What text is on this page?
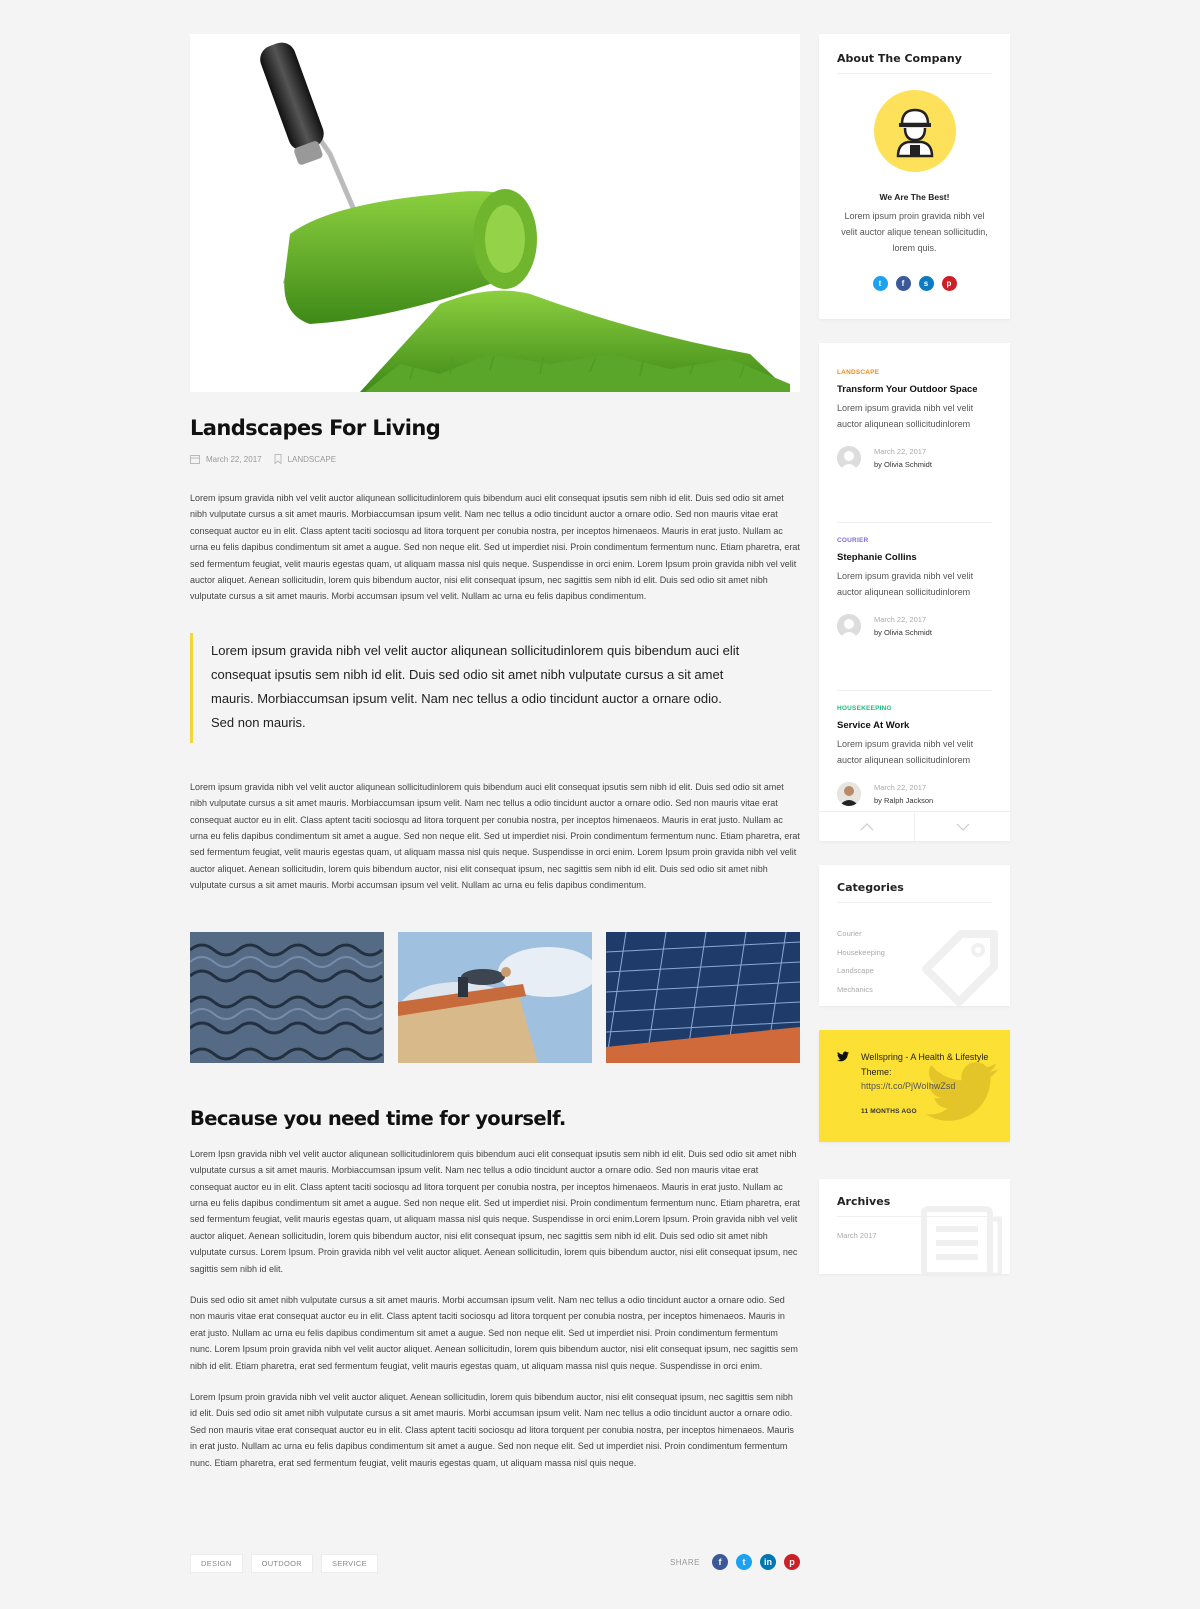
Landscapes For Living
March 22, 2017	LANDSCAPE

Lorem ipsum gravida nibh vel velit auctor aliqunean sollicitudinlorem quis bibendum auci elit consequat ipsutis sem nibh id elit. Duis sed odio sit amet nibh vulputate cursus a sit amet mauris. Morbiaccumsan ipsum velit. Nam nec tellus a odio tincidunt auctor a ornare odio. Sed non mauris vitae erat consequat auctor eu in elit. Class aptent taciti sociosqu ad litora torquent per conubia nostra, per inceptos himenaeos. Mauris in erat justo. Nullam ac urna eu felis dapibus condimentum sit amet a augue. Sed non neque elit. Sed ut imperdiet nisi. Proin condimentum fermentum nunc. Etiam pharetra, erat sed fermentum feugiat, velit mauris egestas quam, ut aliquam massa nisl quis neque. Suspendisse in orci enim. Lorem Ipsum proin gravida nibh vel velit auctor aliquet. Aenean sollicitudin, lorem quis bibendum auctor, nisi elit consequat ipsum, nec sagittis sem nibh id elit. Duis sed odio sit amet nibh vulputate cursus a sit amet mauris. Morbi accumsan ipsum vel velit. Nullam ac urna eu felis dapibus condimentum.

Lorem ipsum gravida nibh vel velit auctor aliqunean sollicitudinlorem quis bibendum auci elit consequat ipsutis sem nibh id elit. Duis sed odio sit amet nibh vulputate cursus a sit amet mauris. Morbiaccumsan ipsum velit. Nam nec tellus a odio tincidunt auctor a ornare odio. Sed non mauris.

Lorem ipsum gravida nibh vel velit auctor aliqunean sollicitudinlorem quis bibendum auci elit consequat ipsutis sem nibh id elit. Duis sed odio sit amet nibh vulputate cursus a sit amet mauris. Morbiaccumsan ipsum velit. Nam nec tellus a odio tincidunt auctor a ornare odio. Sed non mauris vitae erat consequat auctor eu in elit. Class aptent taciti sociosqu ad litora torquent per conubia nostra, per inceptos himenaeos. Mauris in erat justo. Nullam ac urna eu felis dapibus condimentum sit amet a augue. Sed non neque elit. Sed ut imperdiet nisi. Proin condimentum fermentum nunc. Etiam pharetra, erat sed fermentum feugiat, velit mauris egestas quam, ut aliquam massa nisl quis neque. Suspendisse in orci enim. Lorem Ipsum proin gravida nibh vel velit auctor aliquet. Aenean sollicitudin, lorem quis bibendum auctor, nisi elit consequat ipsum, nec sagittis sem nibh id elit. Duis sed odio sit amet nibh vulputate cursus a sit amet mauris. Morbi accumsan ipsum vel velit. Nullam ac urna eu felis dapibus condimentum.

Because you need time for yourself.

Lorem Ipsn gravida nibh vel velit auctor aliqunean sollicitudinlorem quis bibendum auci elit consequat ipsutis sem nibh id elit. Duis sed odio sit amet nibh vulputate cursus a sit amet mauris. Morbiaccumsan ipsum velit. Nam nec tellus a odio tincidunt auctor a ornare odio. Sed non mauris vitae erat consequat auctor eu in elit. Class aptent taciti sociosqu ad litora torquent per conubia nostra, per inceptos himenaeos. Mauris in erat justo. Nullam ac urna eu felis dapibus condimentum sit amet a augue. Sed non neque elit. Sed ut imperdiet nisi. Proin condimentum fermentum nunc. Etiam pharetra, erat sed fermentum feugiat, velit mauris egestas quam, ut aliquam massa nisl quis neque. Suspendisse in orci enim.Lorem Ipsum. Proin gravida nibh vel velit auctor aliquet. Aenean sollicitudin, lorem quis bibendum auctor, nisi elit consequat ipsum, nec sagittis sem nibh id elit. Duis sed odio sit amet nibh vulputate cursus. Lorem Ipsum. Proin gravida nibh vel velit auctor aliquet. Aenean sollicitudin, lorem quis bibendum auctor, nisi elit consequat ipsum, nec sagittis sem nibh id elit.

Duis sed odio sit amet nibh vulputate cursus a sit amet mauris. Morbi accumsan ipsum velit. Nam nec tellus a odio tincidunt auctor a ornare odio. Sed non mauris vitae erat consequat auctor eu in elit. Class aptent taciti sociosqu ad litora torquent per conubia nostra, per inceptos himenaeos. Mauris in erat justo. Nullam ac urna eu felis dapibus condimentum sit amet a augue. Sed non neque elit. Sed ut imperdiet nisi. Proin condimentum fermentum nunc. Lorem Ipsum proin gravida nibh vel velit auctor aliquet. Aenean sollicitudin, lorem quis bibendum auctor, nisi elit consequat ipsum, nec sagittis sem nibh id elit. Etiam pharetra, erat sed fermentum feugiat, velit mauris egestas quam, ut aliquam massa nisl quis neque. Suspendisse in orci enim.

Lorem Ipsum proin gravida nibh vel velit auctor aliquet. Aenean sollicitudin, lorem quis bibendum auctor, nisi elit consequat ipsum, nec sagittis sem nibh id elit. Duis sed odio sit amet nibh vulputate cursus a sit amet mauris. Morbi accumsan ipsum velit. Nam nec tellus a odio tincidunt auctor a ornare odio. Sed non mauris vitae erat consequat auctor eu in elit. Class aptent taciti sociosqu ad litora torquent per conubia nostra, per inceptos himenaeos. Mauris in erat justo. Nullam ac urna eu felis dapibus condimentum sit amet a augue. Sed non neque elit. Sed ut imperdiet nisi. Proin condimentum fermentum nunc. Etiam pharetra, erat sed fermentum feugiat, velit mauris egestas quam, ut aliquam massa nisl quis neque.

DESIGN	OUTDOOR	SERVICE	SHARE	f	t	in	p
About The Company
We Are The Best!
Lorem ipsum proin gravida nibh vel velit auctor alique tenean sollicitudin, lorem quis.
t	f	s	p
LANDSCAPE
Transform Your Outdoor Space
Lorem ipsum gravida nibh vel velit auctor aliqunean sollicitudinlorem
March 22, 2017
by Olivia Schmidt
COURIER
Stephanie Collins
Lorem ipsum gravida nibh vel velit auctor aliqunean sollicitudinlorem
March 22, 2017
by Olivia Schmidt
HOUSEKEEPING
Service At Work
Lorem ipsum gravida nibh vel velit auctor aliqunean sollicitudinlorem
March 22, 2017
by Ralph Jackson
Categories
Courier
Housekeeping
Landscape
Mechanics
Wellspring - A Health & Lifestyle Theme:
https://t.co/PjWoIhwZsd
11 MONTHS AGO
Archives
March 2017
